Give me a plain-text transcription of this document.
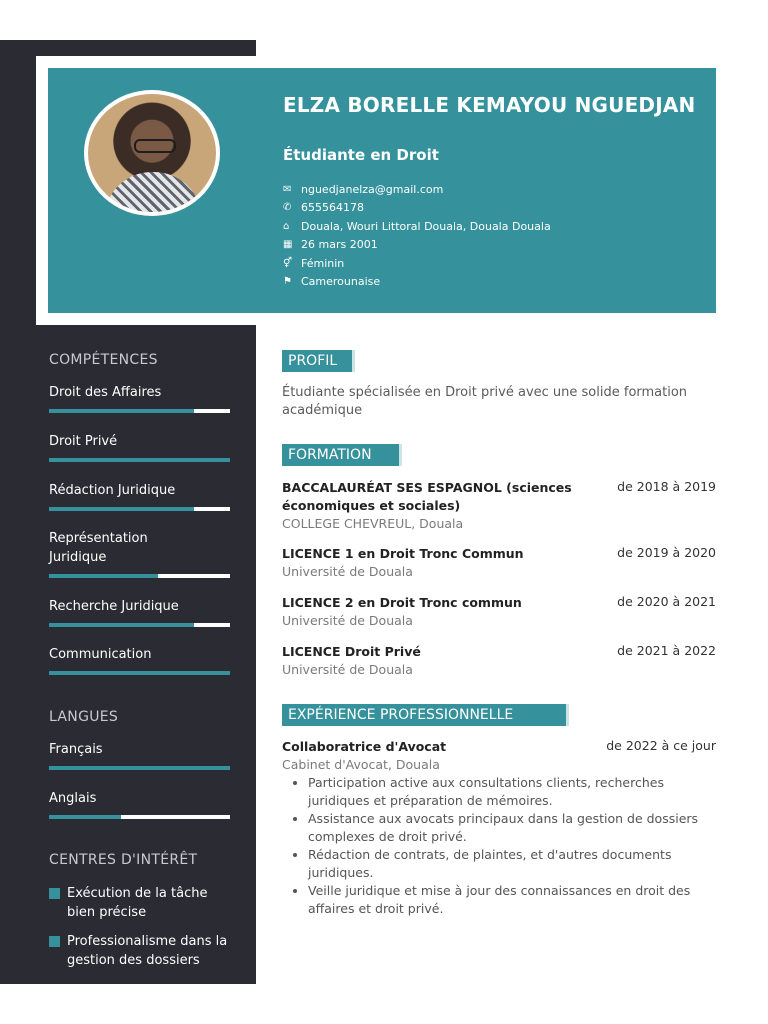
ELZA BORELLE KEMAYOU NGUEDJAN
Étudiante en Droit
✉ nguedjanelza@gmail.com
✆ 655564178
⌂	Douala, Wouri Littoral Douala, Douala Douala
▦ 26 mars 2001
⚥ Féminin
⚑ Camerounaise
COMPÉTENCES
Droit des Affaires
Droit Privé
Rédaction Juridique
Représentation Juridique
Recherche Juridique
Communication
LANGUES
Français
Anglais
CENTRES D'INTÉRÊT
Exécution de la tâche bien précise
Professionalisme dans la gestion des dossiers
PROFIL
Étudiante spécialisée en Droit privé avec une solide formation académique
FORMATION
BACCALAURÉAT SES ESPAGNOL (sciences économiques et sociales)
de 2018 à 2019
COLLEGE CHEVREUL, Douala
LICENCE 1 en Droit Tronc Commun	de 2019 à 2020
Université de Douala
LICENCE 2 en Droit Tronc commun	de 2020 à 2021
Université de Douala
LICENCE Droit Privé	de 2021 à 2022
Université de Douala
EXPÉRIENCE PROFESSIONNELLE
Collaboratrice d'Avocat	de 2022 à ce jour
Cabinet d'Avocat, Douala
• Participation active aux consultations clients, recherches juridiques et préparation de mémoires.
• Assistance aux avocats principaux dans la gestion de dossiers complexes de droit privé.
• Rédaction de contrats, de plaintes, et d'autres documents juridiques.
• Veille juridique et mise à jour des connaissances en droit des affaires et droit privé.
